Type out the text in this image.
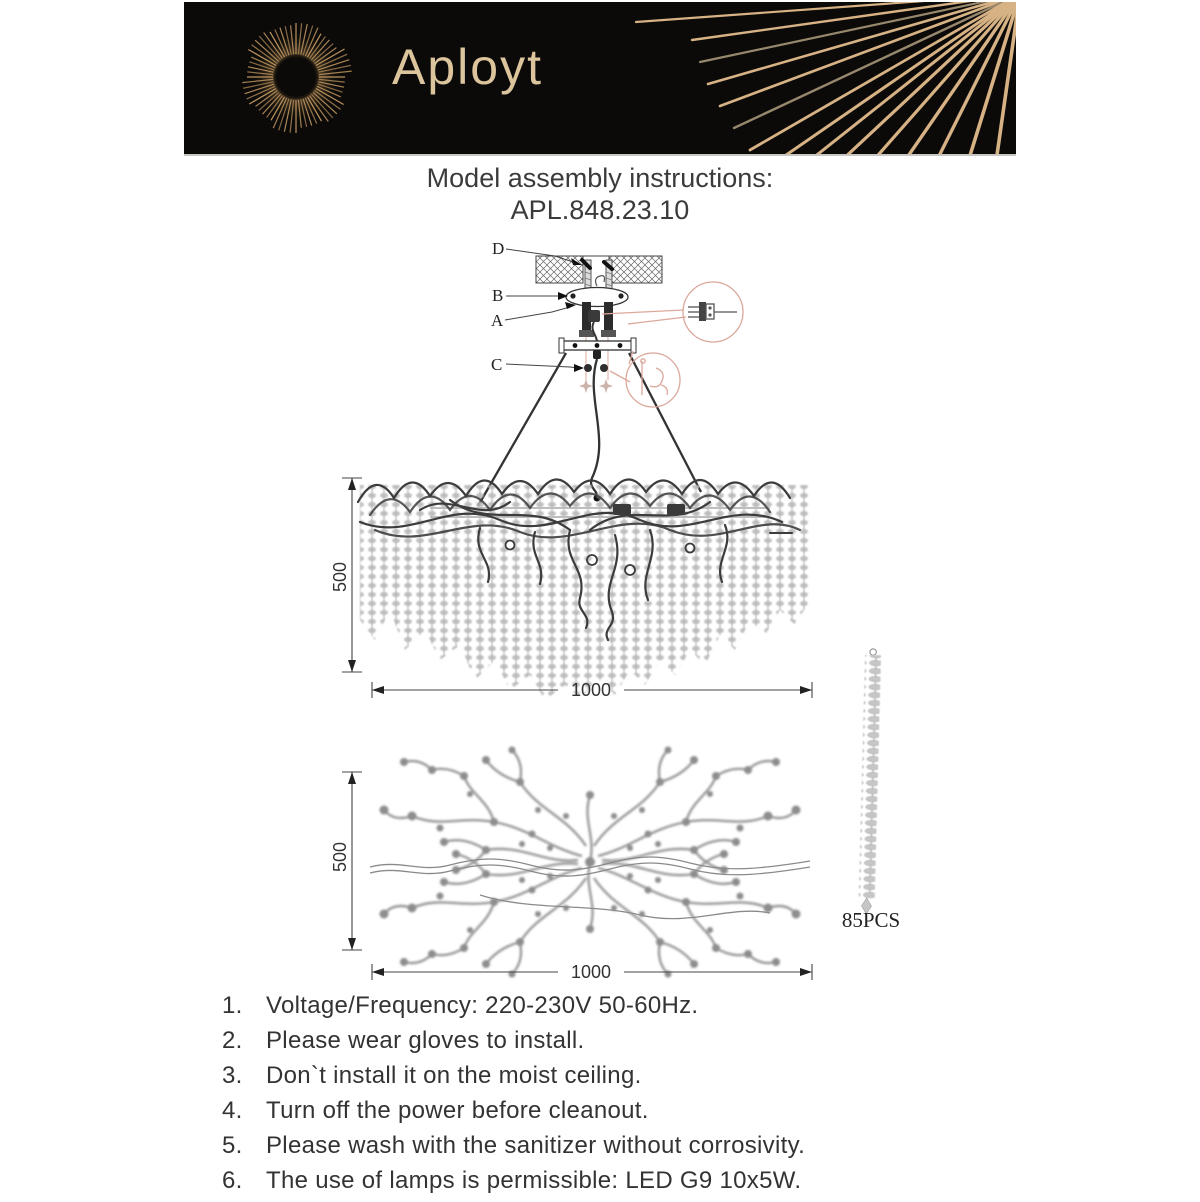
Aployt
Model assembly instructions:
APL.848.23.10
D
B
A
C
500
1000
500
1000
85PCS
1. Voltage/Frequency: 220-230V 50-60Hz.
2. Please wear gloves to install.
3. Don`t install it on the moist ceiling.
4. Turn off the power before cleanout.
5. Please wash with the sanitizer without corrosivity.
6. The use of lamps is permissible: LED G9 10x5W.
